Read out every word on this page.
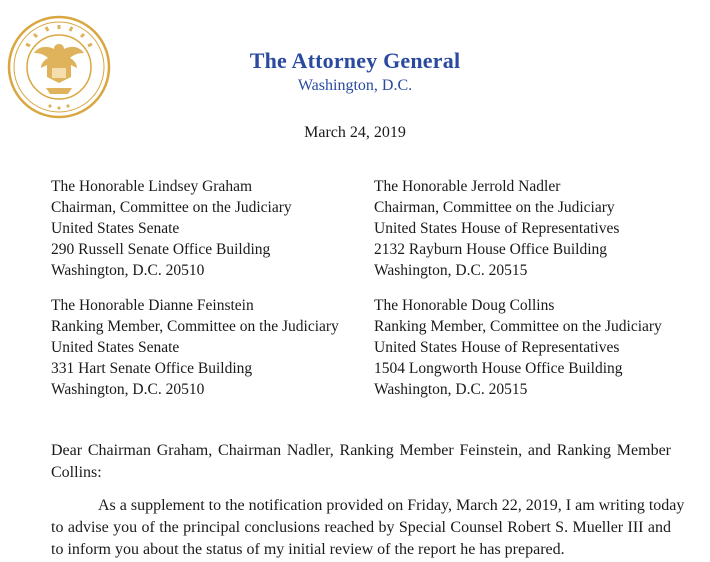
The Attorney General
Washington, D.C.
March 24, 2019
The Honorable Lindsey Graham
Chairman, Committee on the Judiciary
United States Senate
290 Russell Senate Office Building
Washington, D.C. 20510
The Honorable Jerrold Nadler
Chairman, Committee on the Judiciary
United States House of Representatives
2132 Rayburn House Office Building
Washington, D.C. 20515
The Honorable Dianne Feinstein
Ranking Member, Committee on the Judiciary
United States Senate
331 Hart Senate Office Building
Washington, D.C. 20510
The Honorable Doug Collins
Ranking Member, Committee on the Judiciary
United States House of Representatives
1504 Longworth House Office Building
Washington, D.C. 20515
Dear Chairman Graham, Chairman Nadler, Ranking Member Feinstein, and Ranking Member
Collins:
As a supplement to the notification provided on Friday, March 22, 2019, I am writing today
to advise you of the principal conclusions reached by Special Counsel Robert S. Mueller III and
to inform you about the status of my initial review of the report he has prepared.
